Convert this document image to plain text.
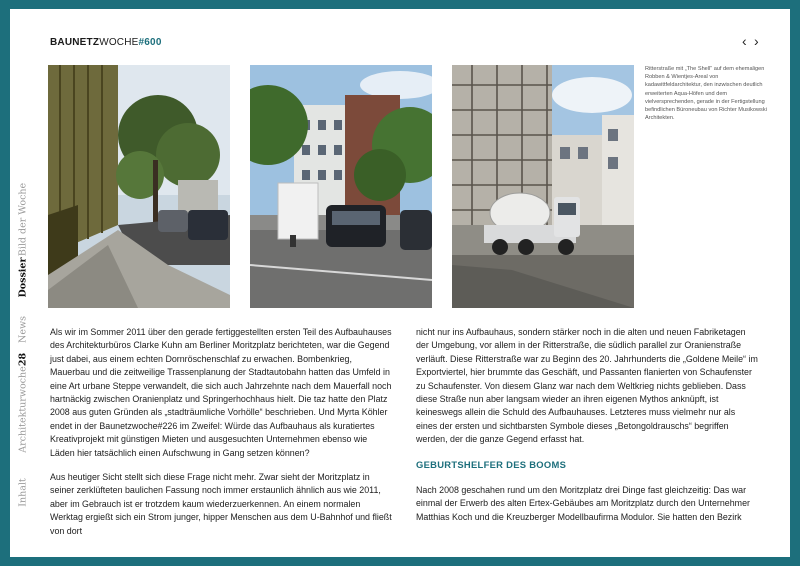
BAUNETZWOCHE#600	‹ ›
Bild der Woche
Dossier
News
28
Architekturwoche
Inhalt

Ritterstraße mit „The Shell“ auf dem ehemaligen Robben & Wientjes-Areal von kadawittfeldarchitektur, den inzwischen deutlich erweiterten Aqua-Höfen und dem vielversprechenden, gerade in der Fertigstellung befindlichen Büroneubau von Richter Musikowski Architekten.

Als wir im Sommer 2011 über den gerade fertiggestellten ersten Teil des Aufbauhauses des Architekturbüros Clarke Kuhn am Berliner Moritzplatz berichteten, war die Gegend just dabei, aus einem echten Dornröschenschlaf zu erwachen. Bombenkrieg, Mauerbau und die zeitweilige Trassenplanung der Stadtautobahn hatten das Umfeld in eine Art urbane Steppe verwandelt, die sich auch Jahrzehnte nach dem Mauerfall noch hartnäckig zwischen Oranienplatz und Springerhochhaus hielt. Die taz hatte den Platz 2008 aus guten Gründen als „stadträumliche Vorhölle“ beschrieben. Und Myrta Köhler endet in der Baunetzwoche#226 im Zweifel: Würde das Aufbauhaus als kuratiertes Kreativprojekt mit günstigen Mieten und ausgesuchten Unternehmen ebenso wie Läden hier tatsächlich einen Aufschwung in Gang setzen können?

Aus heutiger Sicht stellt sich diese Frage nicht mehr. Zwar sieht der Moritzplatz in seiner zerklüfteten baulichen Fassung noch immer erstaunlich ähnlich aus wie 2011, aber im Gebrauch ist er trotzdem kaum wiederzuerkennen. An einem normalen Werktag ergießt sich ein Strom junger, hipper Menschen aus dem U-Bahnhof und fließt von dort

nicht nur ins Aufbauhaus, sondern stärker noch in die alten und neuen Fabriketagen der Umgebung, vor allem in der Ritterstraße, die südlich parallel zur Oranienstraße verläuft. Diese Ritterstraße war zu Beginn des 20. Jahrhunderts die „Goldene Meile“ im Exportviertel, hier brummte das Geschäft, und Passanten flanierten von Schaufenster zu Schaufenster. Von diesem Glanz war nach dem Weltkrieg nichts geblieben. Dass diese Straße nun aber langsam wieder an ihren eigenen Mythos anknüpft, ist keineswegs allein die Schuld des Aufbauhauses. Letzteres muss vielmehr nur als eines der ersten und sichtbarsten Symbole dieses „Betongoldrauschs“ begriffen werden, der die ganze Gegend erfasst hat.

GEBURTSHELFER DES BOOMS

Nach 2008 geschahen rund um den Moritzplatz drei Dinge fast gleichzeitig: Das war einmal der Erwerb des alten Ertex-Gebäubes am Moritzplatz durch den Unternehmer Matthias Koch und die Kreuzberger Modellbaufirma Modulor. Sie hatten den Bezirk
